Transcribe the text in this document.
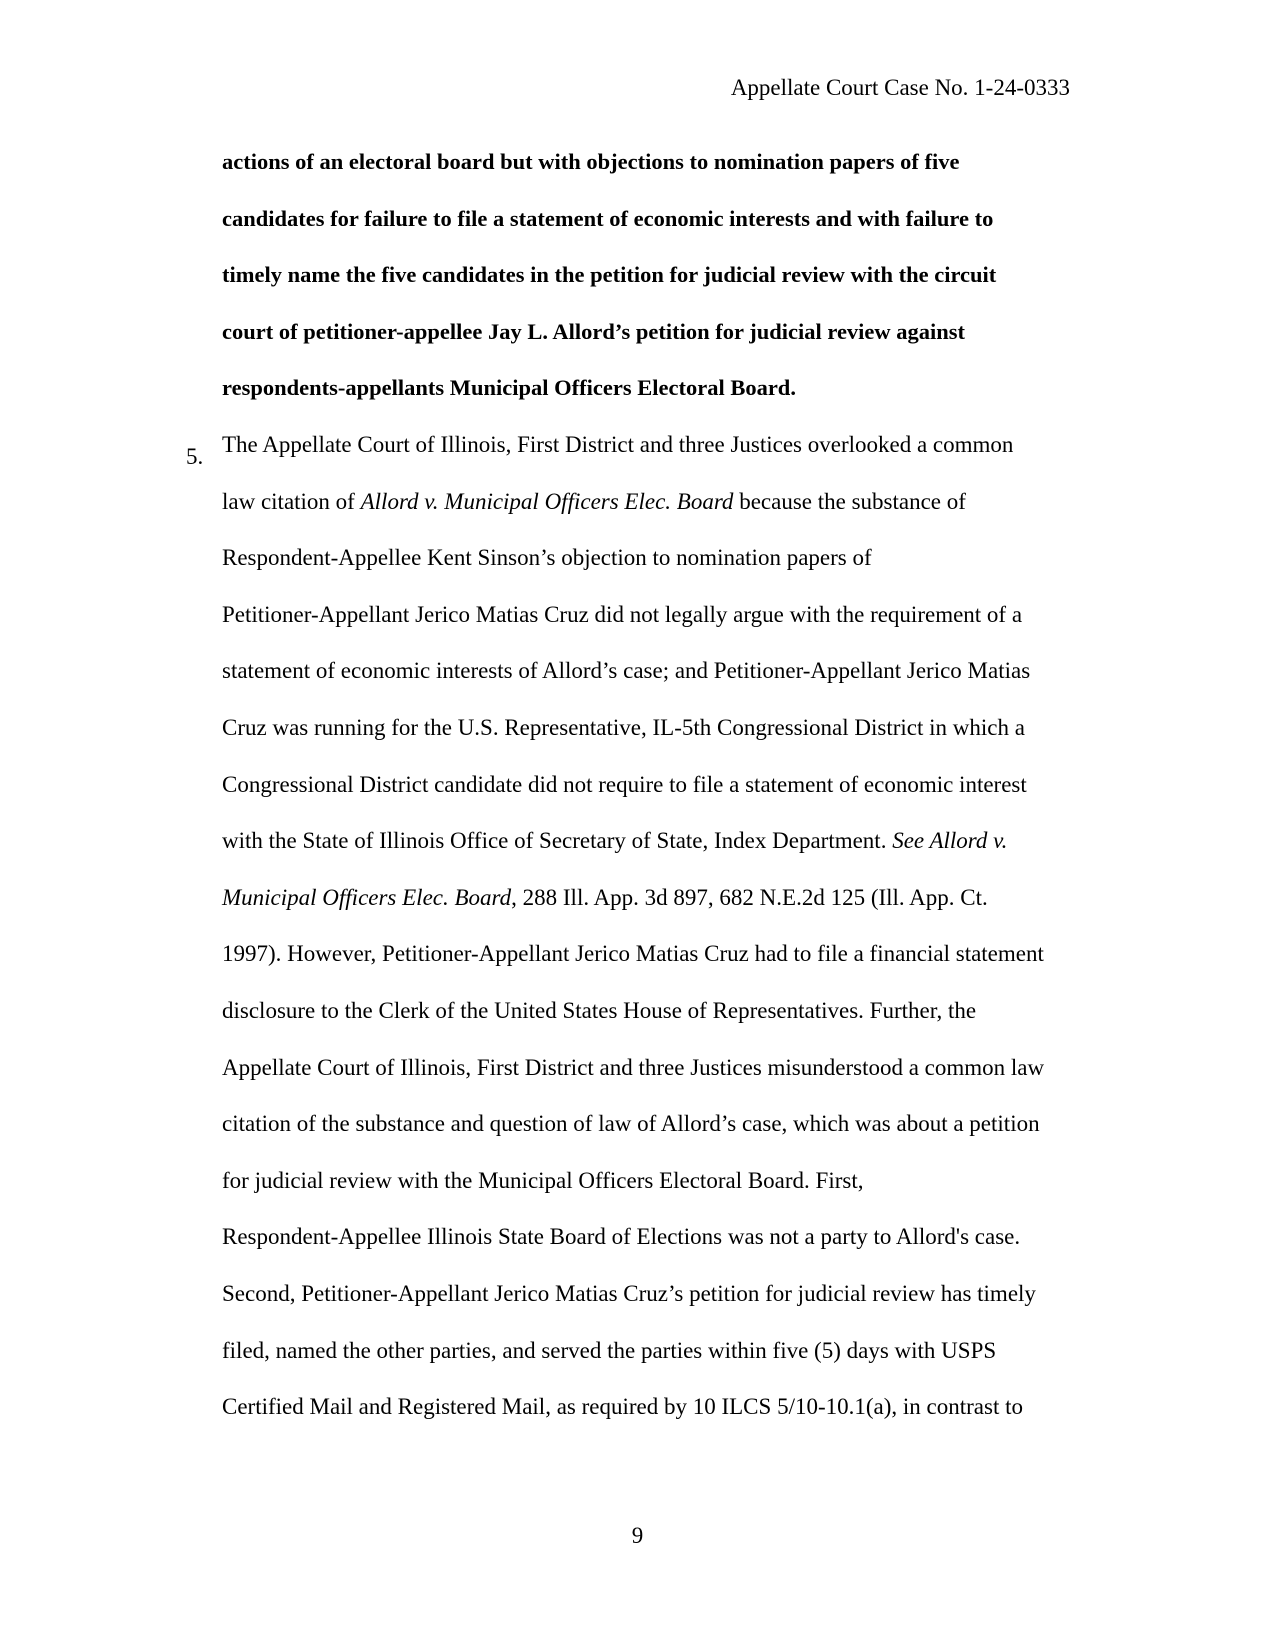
Appellate Court Case No. 1-24-0333
actions of an electoral board but with objections to nomination papers of five
candidates for failure to file a statement of economic interests and with failure to
timely name the five candidates in the petition for judicial review with the circuit
court of petitioner-appellee Jay L. Allord’s petition for judicial review against
respondents-appellants Municipal Officers Electoral Board.
5. The Appellate Court of Illinois, First District and three Justices overlooked a common
law citation of Allord v. Municipal Officers Elec. Board because the substance of
Respondent-Appellee Kent Sinson’s objection to nomination papers of
Petitioner-Appellant Jerico Matias Cruz did not legally argue with the requirement of a
statement of economic interests of Allord’s case; and Petitioner-Appellant Jerico Matias
Cruz was running for the U.S. Representative, IL-5th Congressional District in which a
Congressional District candidate did not require to file a statement of economic interest
with the State of Illinois Office of Secretary of State, Index Department. See Allord v.
Municipal Officers Elec. Board, 288 Ill. App. 3d 897, 682 N.E.2d 125 (Ill. App. Ct.
1997). However, Petitioner-Appellant Jerico Matias Cruz had to file a financial statement
disclosure to the Clerk of the United States House of Representatives. Further, the
Appellate Court of Illinois, First District and three Justices misunderstood a common law
citation of the substance and question of law of Allord’s case, which was about a petition
for judicial review with the Municipal Officers Electoral Board. First,
Respondent-Appellee Illinois State Board of Elections was not a party to Allord's case.
Second, Petitioner-Appellant Jerico Matias Cruz’s petition for judicial review has timely
filed, named the other parties, and served the parties within five (5) days with USPS
Certified Mail and Registered Mail, as required by 10 ILCS 5/10-10.1(a), in contrast to
9
